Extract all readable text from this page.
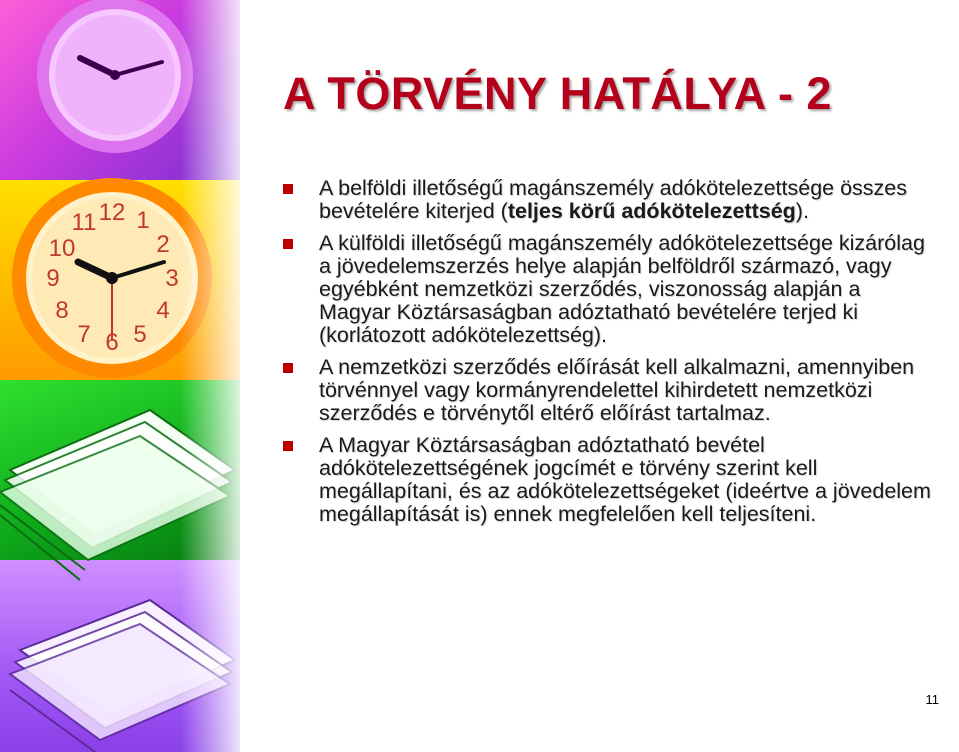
12 1
2
3
4
5
6
7
8
9
10
11
A TÖRVÉNY HATÁLYA - 2
A belföldi illetőségű magánszemély adókötelezettsége összes bevételére kiterjed (teljes körű adókötelezettség).
A külföldi illetőségű magánszemély adókötelezettsége kizárólag a jövedelemszerzés helye alapján belföldről származó, vagy egyébként nemzetközi szerződés, viszonosság alapján a Magyar Köztársaságban adóztatható bevételére terjed ki (korlátozott adókötelezettség).
A nemzetközi szerződés előírását kell alkalmazni, amennyiben törvénnyel vagy kormányrendelettel kihirdetett nemzetközi szerződés e törvénytől eltérő előírást tartalmaz.
A Magyar Köztársaságban adóztatható bevétel adókötelezettségének jogcímét e törvény szerint kell megállapítani, és az adókötelezettségeket (ideértve a jövedelem megállapítását is) ennek megfelelően kell teljesíteni.
11
